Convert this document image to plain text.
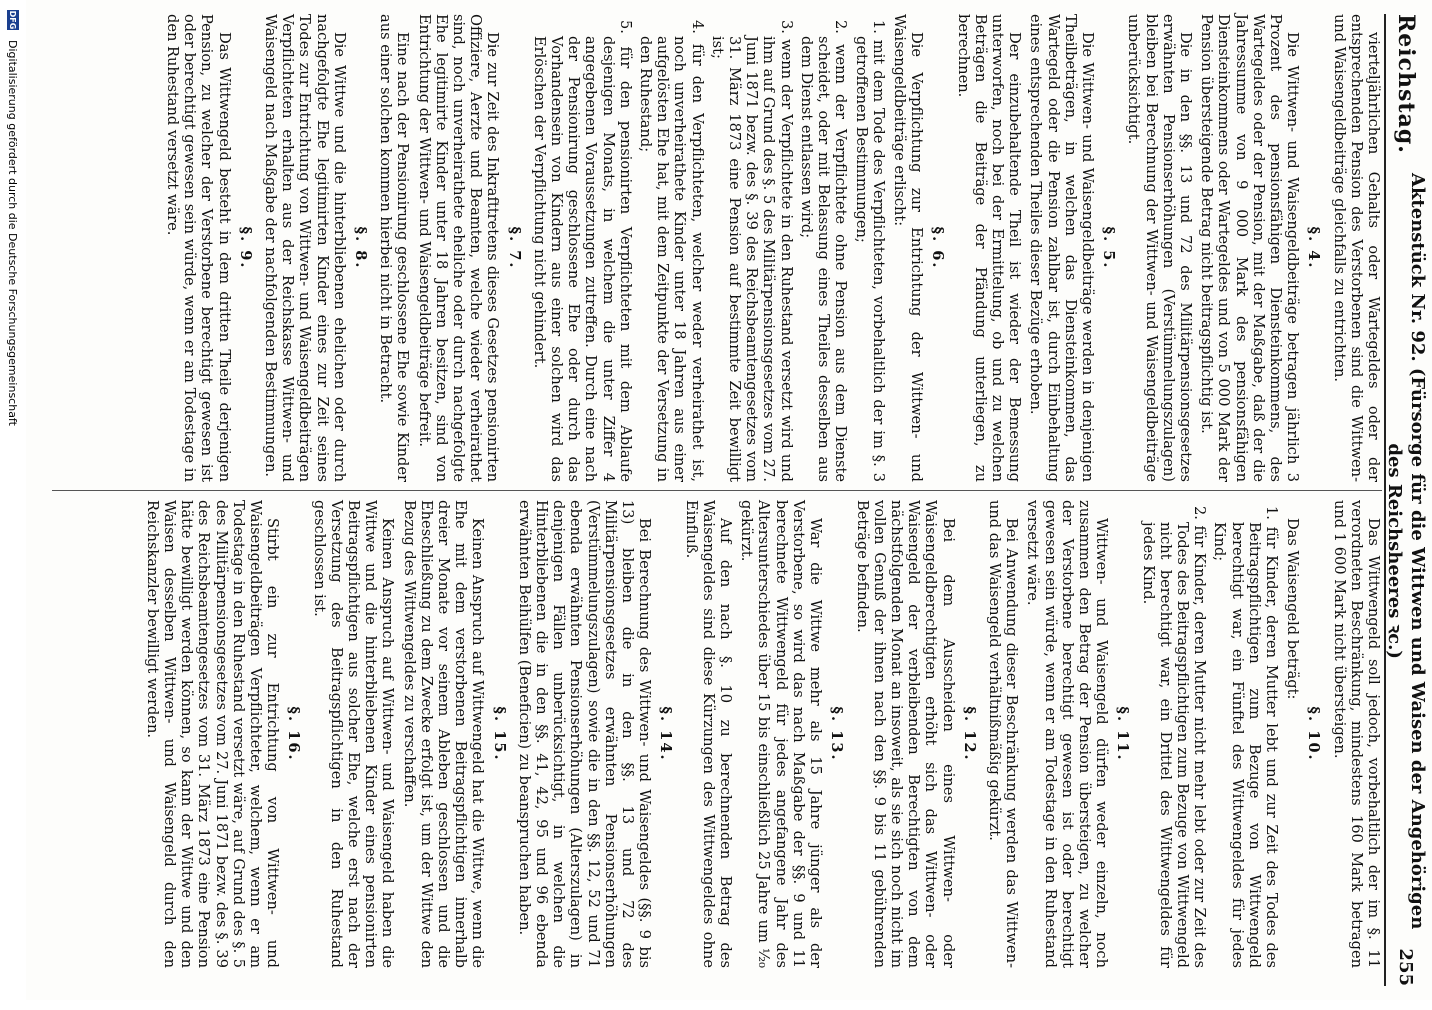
Reichstag.
Aktenstück Nr. 92. (Fürsorge für die Wittwen und Waisen der Angehörigen des Reichsheeres ꝛc.)
255

vierteljährlichen Gehalts oder Wartegeldes oder der entsprechenden Pension des Verstorbenen sind die Wittwen- und Waisengeldbeiträge gleichfalls zu entrichten.

§. 4.

Die Wittwen- und Waisengeldbeiträge betragen jährlich 3 Prozent des pensionsfähigen Diensteinkommens, des Wartegeldes oder der Pension, mit der Maßgabe, daß der die Jahressumme von 9 000 Mark des pensionsfähigen Diensteinkommens oder Wartegeldes und von 5 000 Mark der Pension übersteigende Betrag nicht beitragspflichtig ist.

Die in den §§. 13 und 72 des Militärpensionsgesetzes erwähnten Pensionserhöhungen (Verstümmelungszulagen) bleiben bei Berechnung der Wittwen- und Waisengeldbeiträge unberücksichtigt.

§. 5.

Die Wittwen- und Waisengeldbeiträge werden in denjenigen Theilbeträgen, in welchen das Diensteinkommen, das Wartegeld oder die Pension zahlbar ist, durch Einbehaltung eines entsprechenden Theiles dieser Bezüge erhoben.

Der einzubehaltende Theil ist wieder der Bemessung unterworfen, noch bei der Ermittelung, ob und zu welchen Beträgen die Beiträge der Pfändung unterliegen, zu berechnen.

§. 6.

Die Verpflichtung zur Entrichtung der Wittwen- und Waisengeldbeiträge erlischt:

1. mit dem Tode des Verpflichteten, vorbehaltlich der im §. 3 getroffenen Bestimmungen;

2. wenn der Verpflichtete ohne Pension aus dem Dienste scheidet, oder mit Belassung eines Theiles desselben aus dem Dienst entlassen wird;

3. wenn der Verpflichtete in den Ruhestand versetzt wird und ihm auf Grund des §. 5 des Militärpensionsgesetzes vom 27. Juni 1871 bezw. des §. 39 des Reichsbeamtengesetzes vom 31. März 1873 eine Pension auf bestimmte Zeit bewilligt ist;

4. für den Verpflichteten, welcher weder verheirathet ist, noch unverheirathete Kinder unter 18 Jahren aus einer aufgelösten Ehe hat, mit dem Zeitpunkte der Versetzung in den Ruhestand;

5. für den pensionirten Verpflichteten mit dem Ablaufe desjenigen Monats, in welchem die unter Ziffer 4 angegebenen Voraussetzungen zutreffen. Durch eine nach der Pensionirung geschlossene Ehe oder durch das Vorhandensein von Kindern aus einer solchen wird das Erlöschen der Verpflichtung nicht gehindert.

§. 7.

Die zur Zeit des Inkrafttretens dieses Gesetzes pensionirten Offiziere, Aerzte und Beamten, welche wieder verheirathet sind, noch unverheirathete eheliche oder durch nachgefolgte Ehe legitimirte Kinder unter 18 Jahren besitzen, sind von Entrichtung der Wittwen- und Waisengeldbeiträge befreit.

Eine nach der Pensionirung geschlossene Ehe sowie Kinder aus einer solchen kommen hierbei nicht in Betracht.

§. 8.

Die Wittwe und die hinterbliebenen ehelichen oder durch nachgefolgte Ehe legitimirten Kinder eines zur Zeit seines Todes zur Entrichtung von Wittwen- und Waisengeldbeiträgen Verpflichteten erhalten aus der Reichskasse Wittwen- und Waisengeld nach Maßgabe der nachfolgenden Bestimmungen.

§. 9.

Das Wittwengeld besteht in dem dritten Theile derjenigen Pension, zu welcher der Verstorbene berechtigt gewesen ist oder berechtigt gewesen sein würde, wenn er am Todestage in den Ruhestand versetzt wäre.

Das Wittwengeld soll jedoch, vorbehaltlich der im §. 11 verordneten Beschränkung, mindestens 160 Mark betragen und 1 600 Mark nicht übersteigen.

§. 10.

Das Waisengeld beträgt:

1. für Kinder, deren Mutter lebt und zur Zeit des Todes des Beitragspflichtigen zum Bezuge von Wittwengeld berechtigt war, ein Fünftel des Wittwengeldes für jedes Kind;

2. für Kinder, deren Mutter nicht mehr lebt oder zur Zeit des Todes des Beitragspflichtigen zum Bezuge von Wittwengeld nicht berechtigt war, ein Drittel des Wittwengeldes für jedes Kind.

§. 11.

Wittwen- und Waisengeld dürfen weder einzeln, noch zusammen den Betrag der Pension übersteigen, zu welcher der Verstorbene berechtigt gewesen ist oder berechtigt gewesen sein würde, wenn er am Todestage in den Ruhestand versetzt wäre.

Bei Anwendung dieser Beschränkung werden das Wittwen- und das Waisengeld verhältnißmäßig gekürzt.

§. 12.

Bei dem Ausscheiden eines Wittwen- oder Waisengeldberechtigten erhöht sich das Wittwen- oder Waisengeld der verbleibenden Berechtigten von dem nächstfolgenden Monat an insoweit, als sie sich noch nicht im vollen Genuß der ihnen nach den §§. 9 bis 11 gebührenden Beträge befinden.

§. 13.

War die Wittwe mehr als 15 Jahre jünger als der Verstorbene, so wird das nach Maßgabe der §§. 9 und 11 berechnete Wittwengeld für jedes angefangene Jahr des Altersunterschiedes über 15 bis einschließlich 25 Jahre um ¹⁄₂₀ gekürzt.

Auf den nach §. 10 zu berechnenden Betrag des Waisengeldes sind diese Kürzungen des Wittwengeldes ohne Einfluß.

§. 14.

Bei Berechnung des Wittwen- und Waisengeldes (§§. 9 bis 13) bleiben die in den §§. 13 und 72 des Militärpensionsgesetzes erwähnten Pensionserhöhungen (Verstümmelungszulagen) sowie die in den §§. 12, 52 und 71 ebenda erwähnten Pensionserhöhungen (Alterszulagen) in denjenigen Fällen unberücksichtigt, in welchen die Hinterbliebenen die in den §§. 41, 42, 95 und 96 ebenda erwähnten Beihülfen (Beneficien) zu beanspruchen haben.

§. 15.

Keinen Anspruch auf Wittwengeld hat die Wittwe, wenn die Ehe mit dem verstorbenen Beitragspflichtigen innerhalb dreier Monate vor seinem Ableben geschlossen und die Eheschließung zu dem Zwecke erfolgt ist, um der Wittwe den Bezug des Wittwengeldes zu verschaffen.

Keinen Anspruch auf Wittwen- und Waisengeld haben die Wittwe und die hinterbliebenen Kinder eines pensionirten Beitragspflichtigen aus solcher Ehe, welche erst nach der Versetzung des Beitragspflichtigen in den Ruhestand geschlossen ist.

§. 16.

Stirbt ein zur Entrichtung von Wittwen- und Waisengeldbeiträgen Verpflichteter, welchem, wenn er am Todestage in den Ruhestand versetzt wäre, auf Grund des §. 5 des Militärpensionsgesetzes vom 27. Juni 1871 bezw. des §. 39 des Reichsbeamtengesetzes vom 31. März 1873 eine Pension hätte bewilligt werden können, so kann der Wittwe und den Waisen desselben Wittwen- und Waisengeld durch den Reichskanzler bewilligt werden.

DFG
Digitalisierung gefördert durch die Deutsche Forschungsgemeinschaft
